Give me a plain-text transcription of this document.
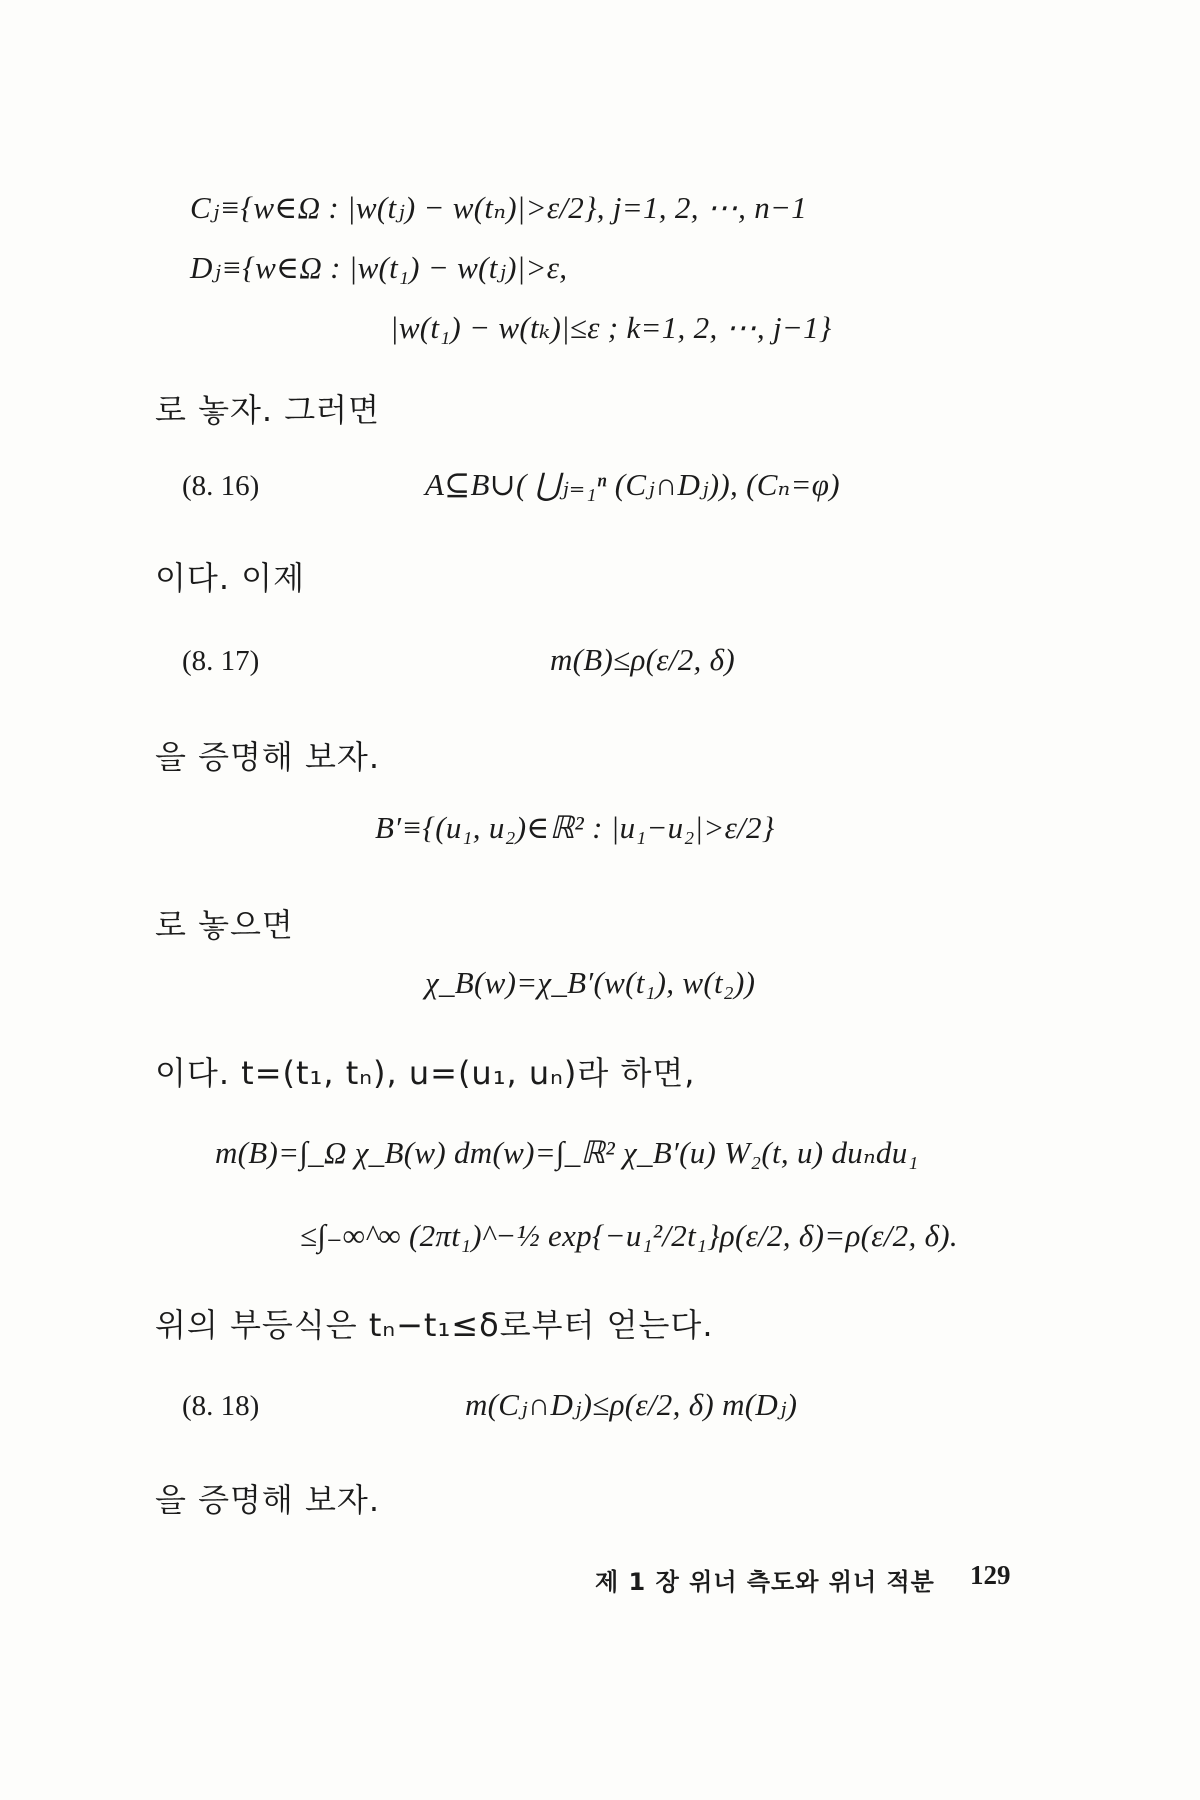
Cⱼ≡{w∈Ω : |w(tⱼ) − w(tₙ)|>ε/2}, j=1, 2, ⋯, n−1
Dⱼ≡{w∈Ω : |w(t₁) − w(tⱼ)|>ε,
|w(t₁) − w(tₖ)|≤ε ; k=1, 2, ⋯, j−1}
로 놓자. 그러면
(8. 16)	A⊆B∪( ⋃ⱼ₌₁ⁿ (Cⱼ∩Dⱼ)), (Cₙ=φ)
이다. 이제
(8. 17)	m(B)≤ρ(ε/2, δ)
을 증명해 보자.
B′≡{(u₁, u₂)∈ℝ² : |u₁−u₂|>ε/2}
로 놓으면
χ_B(w)=χ_B′(w(t₁), w(t₂))
이다. t=(t₁, tₙ), u=(u₁, uₙ)라 하면,
m(B)=∫_Ω χ_B(w) dm(w)=∫_ℝ² χ_B′(u) W₂(t, u) duₙdu₁
≤∫₋∞^∞ (2πt₁)^−½ exp{−u₁²/2t₁}ρ(ε/2, δ)=ρ(ε/2, δ).
위의 부등식은 tₙ−t₁≤δ로부터 얻는다.
(8. 18)	m(Cⱼ∩Dⱼ)≤ρ(ε/2, δ) m(Dⱼ)
을 증명해 보자.
제 1 장 위너 측도와 위너 적분 129
